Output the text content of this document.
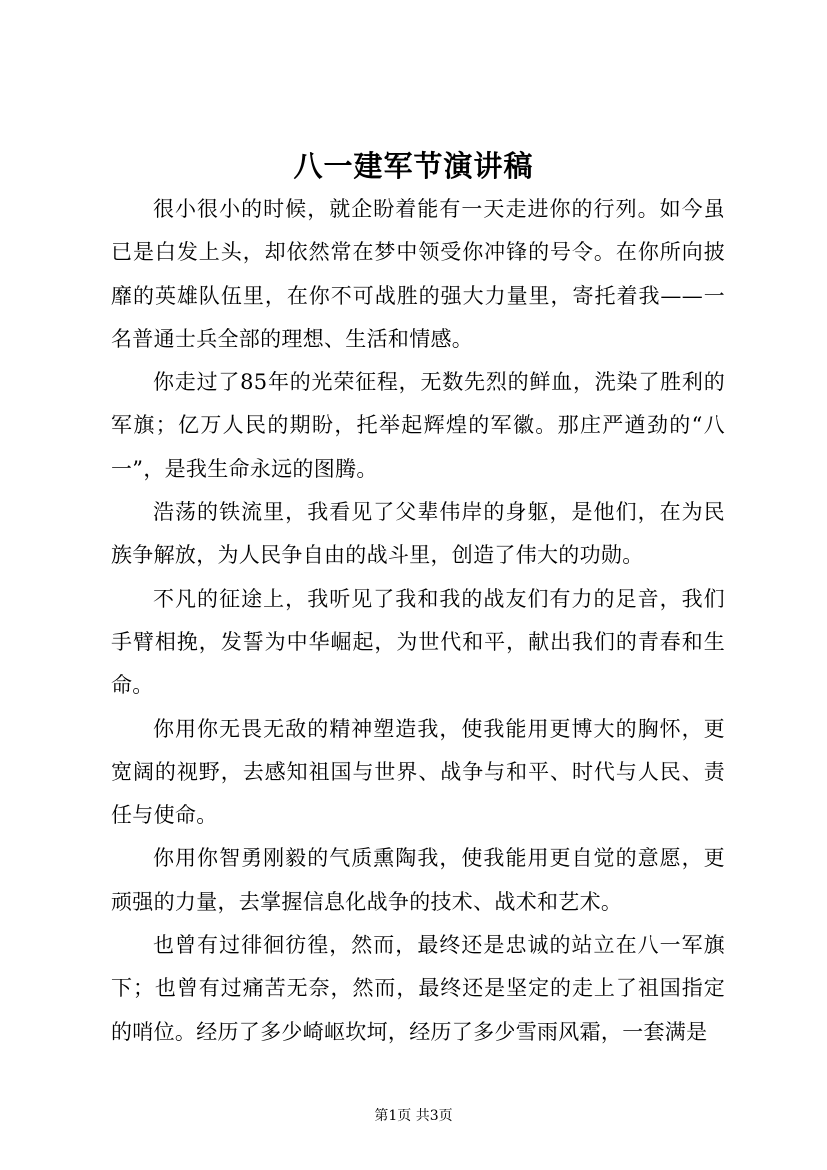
八一建军节演讲稿

很小很小的时候，就企盼着能有一天走进你的行列。如今虽已是白发上头，却依然常在梦中领受你冲锋的号令。在你所向披靡的英雄队伍里，在你不可战胜的强大力量里，寄托着我——一名普通士兵全部的理想、生活和情感。

你走过了85年的光荣征程，无数先烈的鲜血，洗染了胜利的军旗；亿万人民的期盼，托举起辉煌的军徽。那庄严遒劲的“八一”，是我生命永远的图腾。

浩荡的铁流里，我看见了父辈伟岸的身躯，是他们，在为民族争解放，为人民争自由的战斗里，创造了伟大的功勋。

不凡的征途上，我听见了我和我的战友们有力的足音，我们手臂相挽，发誓为中华崛起，为世代和平，献出我们的青春和生命。

你用你无畏无敌的精神塑造我，使我能用更博大的胸怀，更宽阔的视野，去感知祖国与世界、战争与和平、时代与人民、责任与使命。

你用你智勇刚毅的气质熏陶我，使我能用更自觉的意愿，更顽强的力量，去掌握信息化战争的技术、战术和艺术。

也曾有过徘徊彷徨，然而，最终还是忠诚的站立在八一军旗下；也曾有过痛苦无奈，然而，最终还是坚定的走上了祖国指定的哨位。经历了多少崎岖坎坷，经历了多少雪雨风霜，一套满是

第1页 共3页
